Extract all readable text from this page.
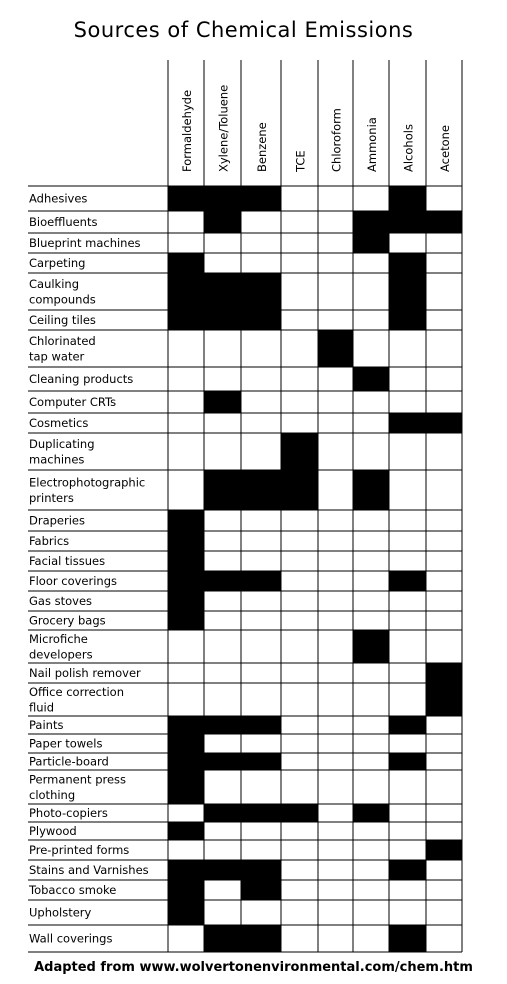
Sources of Chemical Emissions
Formaldehyde Xylene/Toluene Benzene TCE Chloroform Ammonia Alcohols Acetone
Adhesives
Bioeffluents
Blueprint machines
Carpeting
Caulking
compounds
Ceiling tiles
Chlorinated
tap water
Cleaning products
Computer CRTs
Cosmetics
Duplicating
machines
Electrophotographic
printers
Draperies
Fabrics
Facial tissues
Floor coverings
Gas stoves
Grocery bags
Microfiche
developers
Nail polish remover
Office correction
fluid
Paints
Paper towels
Particle-board
Permanent press
clothing
Photo-copiers
Plywood
Pre-printed forms
Stains and Varnishes
Tobacco smoke
Upholstery
Wall coverings
Adapted from www.wolvertonenvironmental.com/chem.htm
